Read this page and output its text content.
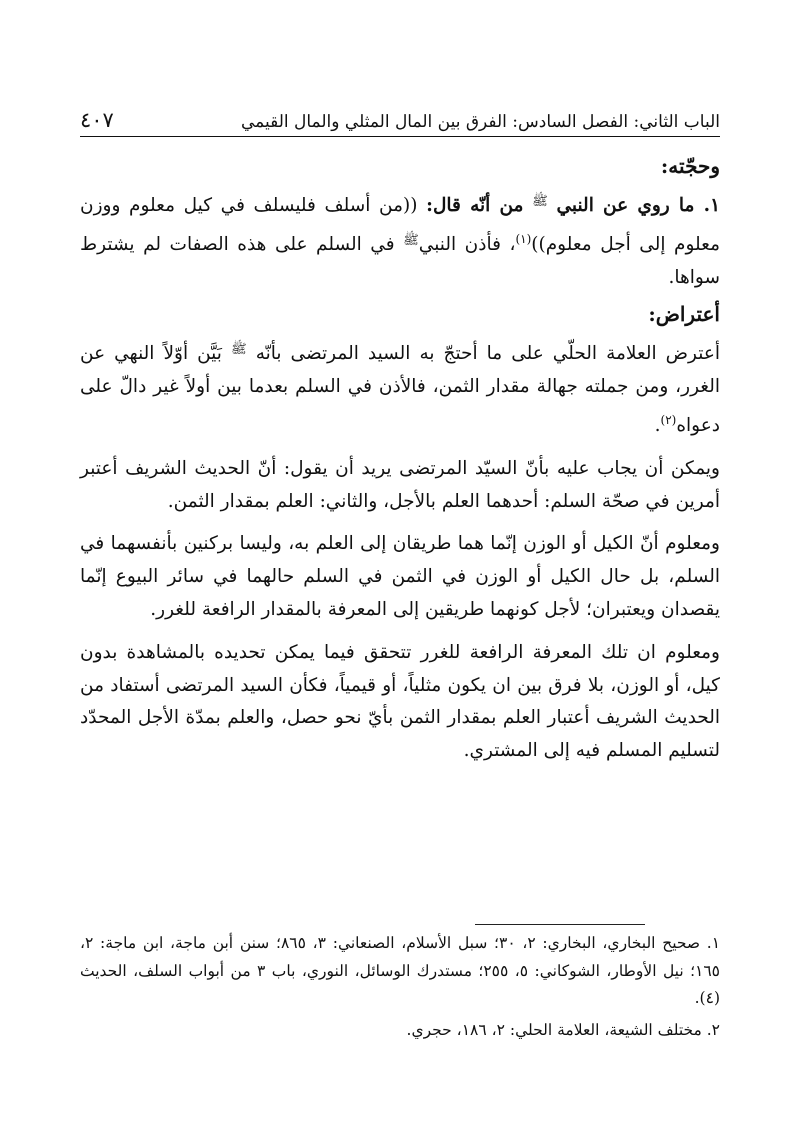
الباب الثاني: الفصل السادس: الفرق بين المال المثلي والمال القيمي
٤٠٧

وحجّته:

١. ما روي عن النبي $^ﷺ$ من أنّه قال: ((من أسلف فليسلف في كيل معلوم ووزن معلوم إلى أجل معلوم))$^{(١)}$، فأذن النبي$^ﷺ$ في السلم على هذه الصفات لم يشترط سواها.

أعتراض:

أعترض العلامة الحلّي على ما أحتجّ به السيد المرتضى بأنّه $^ﷺ$ بَيَّن أوّلاً النهي عن الغرر، ومن جملته جهالة مقدار الثمن، فالأذن في السلم بعدما بين أولاً غير دالّ على دعواه$^{(٢)}$.

ويمكن أن يجاب عليه بأنّ السيّد المرتضى يريد أن يقول: أنّ الحديث الشريف أعتبر أمرين في صحّة السلم: أحدهما العلم بالأجل، والثاني: العلم بمقدار الثمن.

ومعلوم أنّ الكيل أو الوزن إنّما هما طريقان إلى العلم به، وليسا بركنين بأنفسهما في السلم، بل حال الكيل أو الوزن في الثمن في السلم حالهما في سائر البيوع إنّما يقصدان ويعتبران؛ لأجل كونهما طريقين إلى المعرفة بالمقدار الرافعة للغرر.

ومعلوم ان تلك المعرفة الرافعة للغرر تتحقق فيما يمكن تحديده بالمشاهدة بدون كيل، أو الوزن، بلا فرق بين ان يكون مثلياً، أو قيمياً، فكأن السيد المرتضى أستفاد من الحديث الشريف أعتبار العلم بمقدار الثمن بأيّ نحو حصل، والعلم بمدّة الأجل المحدّد لتسليم المسلم فيه إلى المشتري.

١. صحيح البخاري، البخاري: ٢، ٣٠؛ سبل الأسلام، الصنعاني: ٣، ٨٦٥؛ سنن أبن ماجة، ابن ماجة: ٢، ١٦٥؛ نيل الأوطار، الشوكاني: ٥، ٢٥٥؛ مستدرك الوسائل، النوري، باب ٣ من أبواب السلف، الحديث (٤).

٢. مختلف الشيعة، العلامة الحلي: ٢، ١٨٦، حجري.
